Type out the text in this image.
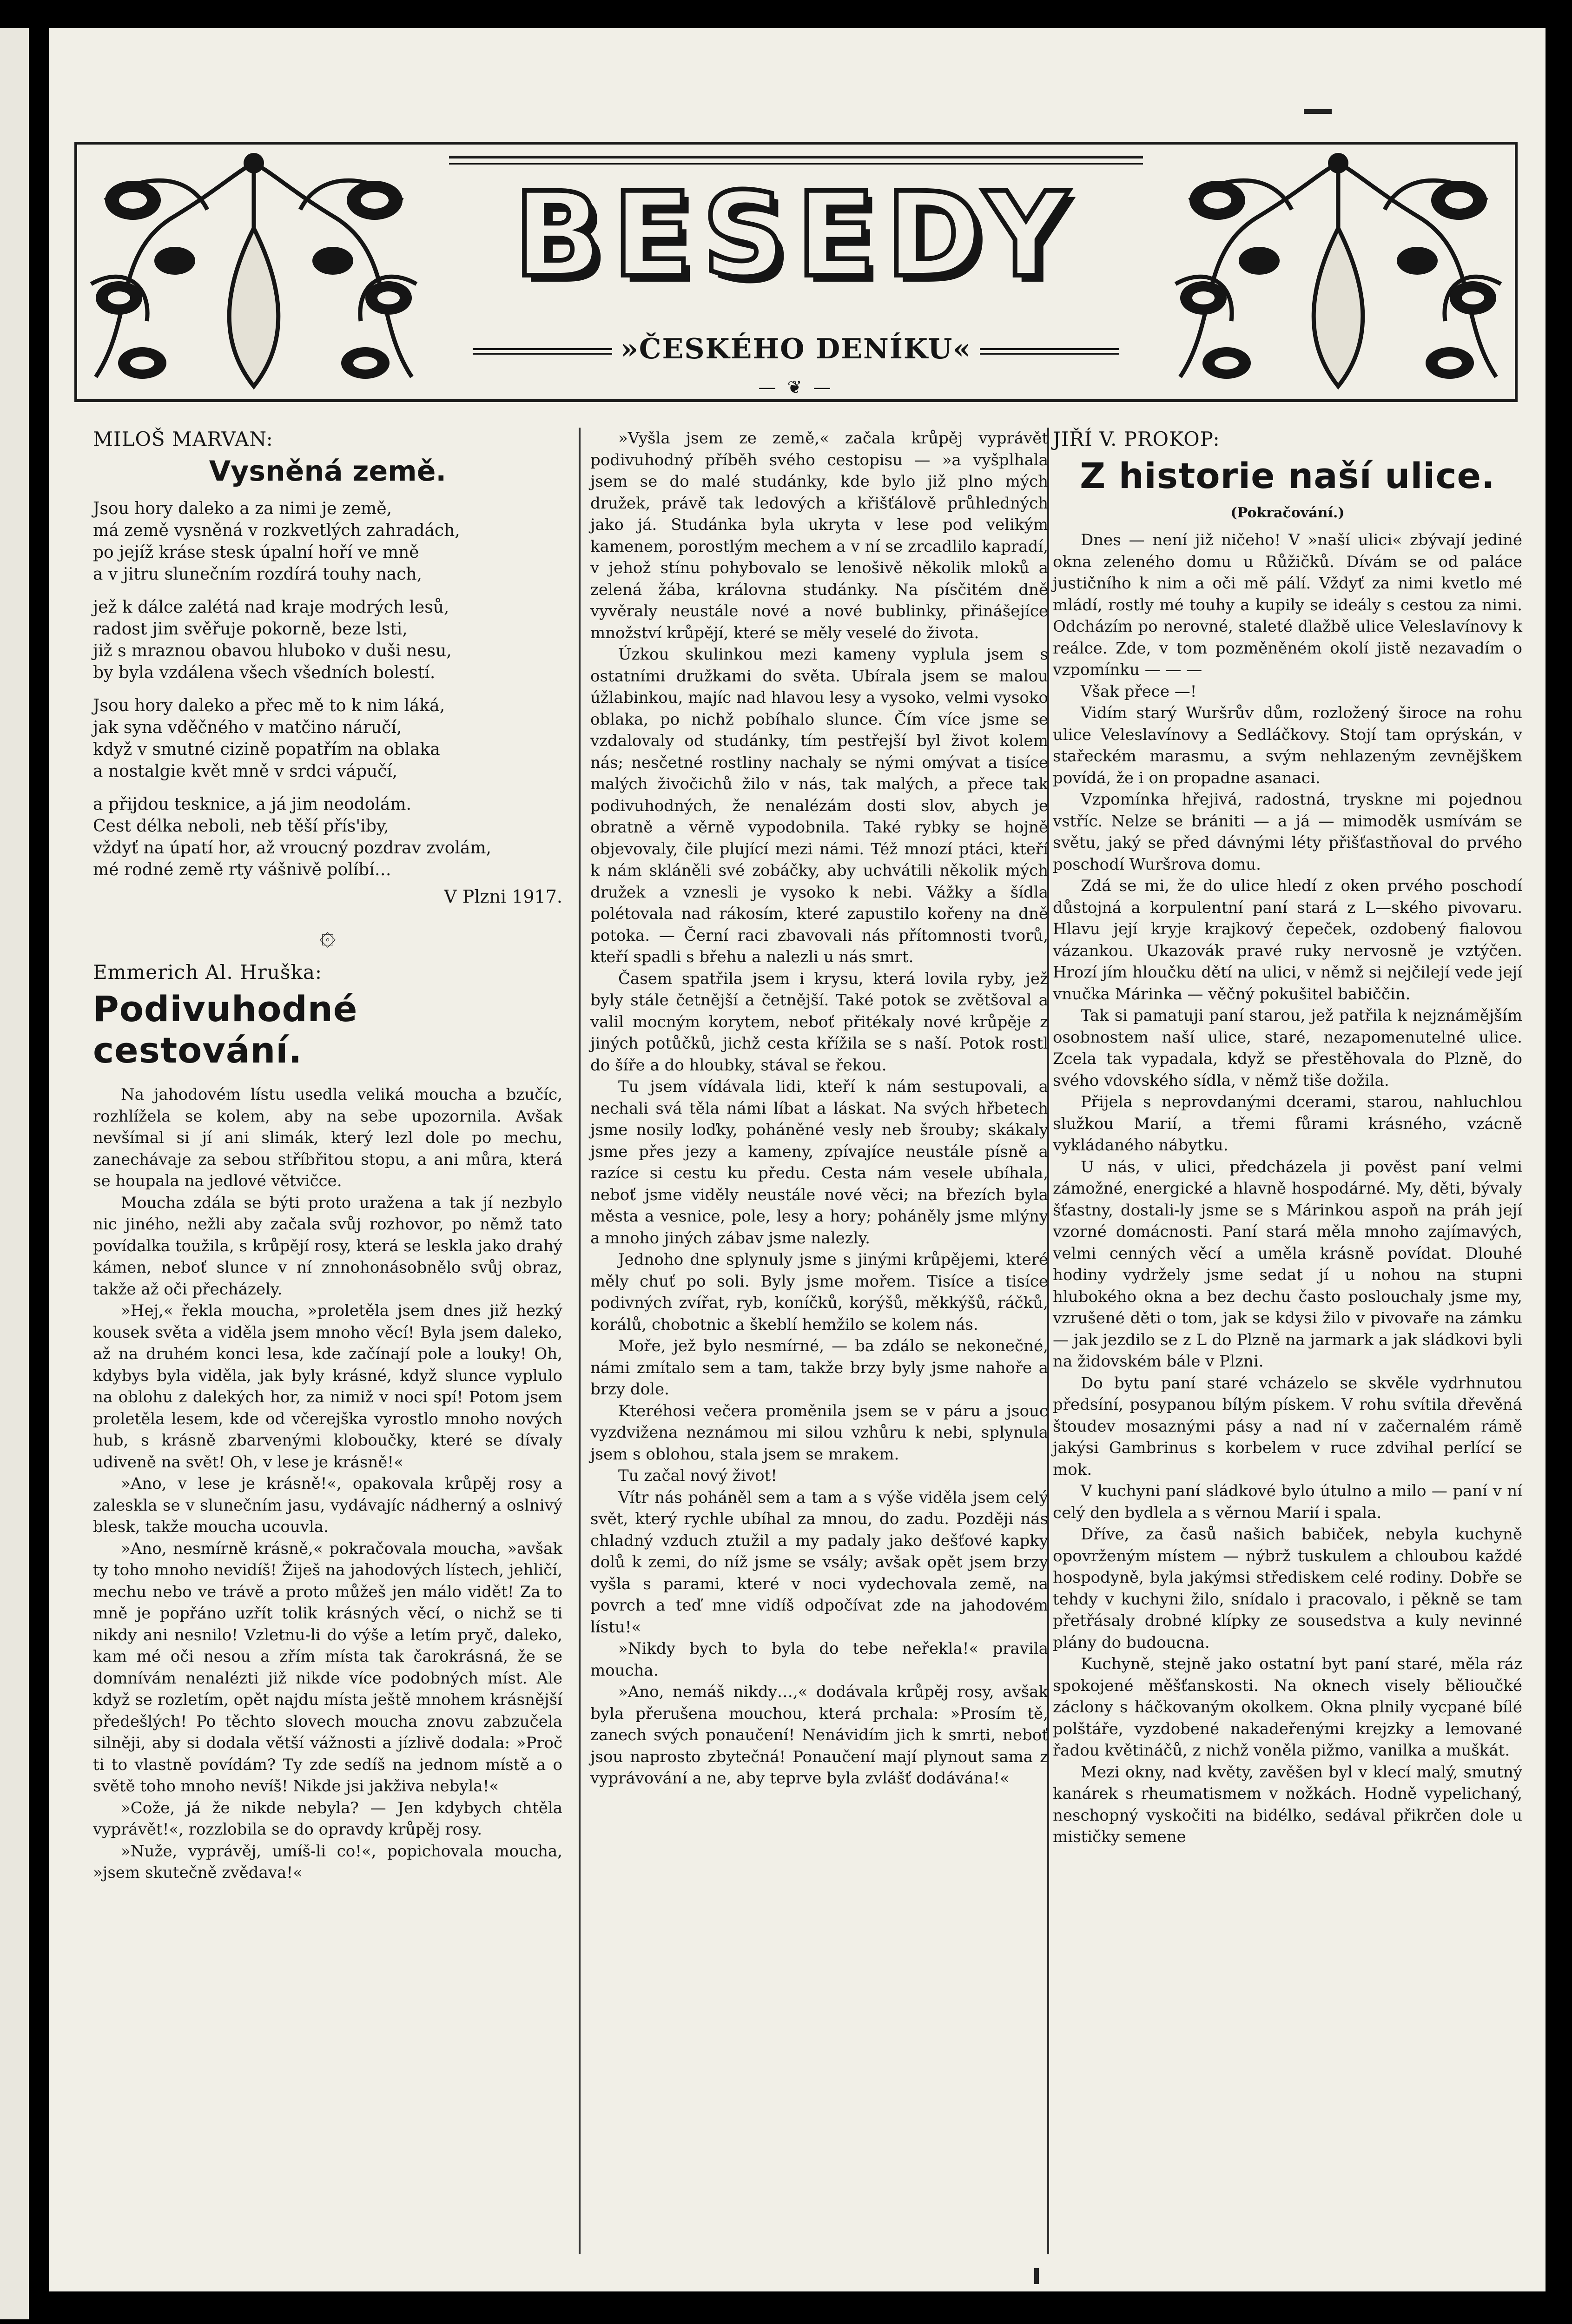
BESEDY
»ČESKÉHO DENÍKU«
— ❦ —
MILOŠ MARVAN:
Vysněná země.
Jsou hory daleko a za nimi je země,
má země vysněná v rozkvetlých zahradách,
po jejíž kráse stesk úpalní hoří ve mně
a v jitru slunečním rozdírá touhy nach,
jež k dálce zalétá nad kraje modrých lesů,
radost jim svěřuje pokorně, beze lsti,
již s mraznou obavou hluboko v duši nesu,
by byla vzdálena všech všedních bolestí.
Jsou hory daleko a přec mě to k nim láká,
jak syna vděčného v matčino náručí,
když v smutné cizině popatřím na oblaka
a nostalgie květ mně v srdci vápučí,
a přijdou tesknice, a já jim neodolám.
Cest délka neboli, neb těší přís'iby,
vždyť na úpatí hor, až vroucný pozdrav zvolám,
mé rodné země rty vášnivě políbí…
V Plzni 1917.
۞
Emmerich Al. Hruška:
Podivuhodné cestování.

Na jahodovém lístu usedla veliká moucha a bzučíc, rozhlížela se kolem, aby na sebe upozornila. Avšak nevšímal si jí ani slimák, který lezl dole po mechu, zanechávaje za sebou stříbřitou stopu, a ani můra, která se houpala na jedlové větvičce.

Moucha zdála se býti proto uražena a tak jí nezbylo nic jiného, nežli aby začala svůj rozhovor, po němž tato povídalka toužila, s krůpějí rosy, která se leskla jako drahý kámen, neboť slunce v ní znnohonásobnělo svůj obraz, takže až oči přecházely.

»Hej,« řekla moucha, »proletěla jsem dnes již hezký kousek světa a viděla jsem mnoho věcí! Byla jsem daleko, až na druhém konci lesa, kde začínají pole a louky! Oh, kdybys byla viděla, jak byly krásné, když slunce vyplulo na oblohu z dalekých hor, za nimiž v noci spí! Potom jsem proletěla lesem, kde od včerejška vyrostlo mnoho nových hub, s krásně zbarvenými kloboučky, které se dívaly udiveně na svět! Oh, v lese je krásně!«

»Ano, v lese je krásně!«, opakovala krůpěj rosy a zaleskla se v slunečním jasu, vydávajíc nádherný a oslnivý blesk, takže moucha ucouvla.

»Ano, nesmírně krásně,« pokračovala moucha, »avšak ty toho mnoho nevidíš! Žiješ na jahodových lístech, jehličí, mechu nebo ve trávě a proto můžeš jen málo vidět! Za to mně je popřáno uzřít tolik krásných věcí, o nichž se ti nikdy ani nesnilo! Vzletnu-li do výše a letím pryč, daleko, kam mé oči nesou a zřím místa tak čarokrásná, že se domnívám nenalézti již nikde více podobných míst. Ale když se rozletím, opět najdu místa ještě mnohem krásnější předešlých! Po těchto slovech moucha znovu zabzučela silněji, aby si dodala větší vážnosti a jízlivě dodala: »Proč ti to vlastně povídám? Ty zde sedíš na jednom místě a o světě toho mnoho nevíš! Nikde jsi jakživa nebyla!«

»Cože, já že nikde nebyla? — Jen kdybych chtěla vyprávět!«, rozzlobila se do opravdy krůpěj rosy.

»Nuže, vyprávěj, umíš-li co!«, popichovala moucha, »jsem skutečně zvědava!«

»Vyšla jsem ze země,« začala krůpěj vyprávět podivuhodný příběh svého cestopisu — »a vyšplhala jsem se do malé studánky, kde bylo již plno mých družek, právě tak ledových a křišťálově průhledných jako já. Studánka byla ukryta v lese pod velikým kamenem, porostlým mechem a v ní se zrcadlilo kapradí, v jehož stínu pohybovalo se lenošivě několik mloků a zelená žába, královna studánky. Na písčitém dně vyvěraly neustále nové a nové bublinky, přinášejíce množství krůpějí, které se měly veselé do života.

Úzkou skulinkou mezi kameny vyplula jsem s ostatními družkami do světa. Ubírala jsem se malou úžlabinkou, majíc nad hlavou lesy a vysoko, velmi vysoko oblaka, po nichž pobíhalo slunce. Čím více jsme se vzdalovaly od studánky, tím pestřejší byl život kolem nás; nesčetné rostliny nachaly se nými omývat a tisíce malých živočichů žilo v nás, tak malých, a přece tak podivuhodných, že nenalézám dosti slov, abych je obratně a věrně vypodobnila. Také rybky se hojně objevovaly, čile plující mezi námi. Též mnozí ptáci, kteří k nám skláněli své zobáčky, aby uchvátili několik mých družek a vznesli je vysoko k nebi. Vážky a šídla polétovala nad rákosím, které zapustilo kořeny na dně potoka. — Černí raci zbavovali nás přítomnosti tvorů, kteří spadli s břehu a nalezli u nás smrt.

Časem spatřila jsem i krysu, která lovila ryby, jež byly stále četnější a četnější. Také potok se zvětšoval a valil mocným korytem, neboť přitékaly nové krůpěje z jiných potůčků, jichž cesta křížila se s naší. Potok rostl do šíře a do hloubky, stával se řekou.

Tu jsem vídávala lidi, kteří k nám sestupovali, a nechali svá těla námi líbat a láskat. Na svých hřbetech jsme nosily loďky, poháněné vesly neb šrouby; skákaly jsme přes jezy a kameny, zpívajíce neustále písně a razíce si cestu ku předu. Cesta nám vesele ubíhala, neboť jsme viděly neustále nové věci; na březích byla města a vesnice, pole, lesy a hory; poháněly jsme mlýny a mnoho jiných zábav jsme nalezly.

Jednoho dne splynuly jsme s jinými krůpějemi, které měly chuť po soli. Byly jsme mořem. Tisíce a tisíce podivných zvířat, ryb, koníčků, korýšů, měkkýšů, ráčků, korálů, chobotnic a škeblí hemžilo se kolem nás.

Moře, jež bylo nesmírné, — ba zdálo se nekonečné, námi zmítalo sem a tam, takže brzy byly jsme nahoře a brzy dole.

Kteréhosi večera proměnila jsem se v páru a jsouc vyzdvižena neznámou mi silou vzhůru k nebi, splynula jsem s oblohou, stala jsem se mrakem.

Tu začal nový život!

Vítr nás poháněl sem a tam a s výše viděla jsem celý svět, který rychle ubíhal za mnou, do zadu. Později nás chladný vzduch ztužil a my padaly jako dešťové kapky dolů k zemi, do níž jsme se vsály; avšak opět jsem brzy vyšla s parami, které v noci vydechovala země, na povrch a teď mne vidíš odpočívat zde na jahodovém lístu!«

»Nikdy bych to byla do tebe neřekla!« pravila moucha.

»Ano, nemáš nikdy…,« dodávala krůpěj rosy, avšak byla přerušena mouchou, která prchala: »Prosím tě, zanech svých ponaučení! Nenávidím jich k smrti, neboť jsou naprosto zbytečná! Ponaučení mají plynout sama z vyprávování a ne, aby teprve byla zvlášť dodávána!«

JIŘÍ V. PROKOP:
Z historie naší ulice.
(Pokračování.)

Dnes — není již ničeho! V »naší ulici« zbývají jediné okna zeleného domu u Růžičků. Dívám se od paláce justičního k nim a oči mě pálí. Vždyť za nimi kvetlo mé mládí, rostly mé touhy a kupily se ideály s cestou za nimi. Odcházím po nerovné, staleté dlažbě ulice Veleslavínovy k reálce. Zde, v tom pozměněném okolí jistě nezavadím o vzpomínku — — —

Však přece —!

Vidím starý Wuršrův dům, rozložený široce na rohu ulice Veleslavínovy a Sedláčkovy. Stojí tam oprýskán, v stařeckém marasmu, a svým nehlazeným zevnějškem povídá, že i on propadne asanaci.

Vzpomínka hřejivá, radostná, tryskne mi pojednou vstříc. Nelze se brániti — a já — mimoděk usmívám se světu, jaký se před dávnými léty přišťastňoval do prvého poschodí Wuršrova domu.

Zdá se mi, že do ulice hledí z oken prvého poschodí důstojná a korpulentní paní stará z L—ského pivovaru. Hlavu její kryje krajkový čepeček, ozdobený fialovou vázankou. Ukazovák pravé ruky nervosně je vztýčen. Hrozí jím hloučku dětí na ulici, v němž si nejčilejí vede její vnučka Márinka — věčný pokušitel babiččin.

Tak si pamatuji paní starou, jež patřila k nejznámějším osobnostem naší ulice, staré, nezapomenutelné ulice. Zcela tak vypadala, když se přestěhovala do Plzně, do svého vdovského sídla, v němž tiše dožila.

Přijela s neprovdanými dcerami, starou, nahluchlou služkou Marií, a třemi fůrami krásného, vzácně vykládaného nábytku.

U nás, v ulici, předcházela ji pověst paní velmi zámožné, energické a hlavně hospodárné. My, děti, bývaly šťastny, dostali-ly jsme se s Márinkou aspoň na práh její vzorné domácnosti. Paní stará měla mnoho zajímavých, velmi cenných věcí a uměla krásně povídat. Dlouhé hodiny vydržely jsme sedat jí u nohou na stupni hlubokého okna a bez dechu často poslouchaly jsme my, vzrušené děti o tom, jak se kdysi žilo v pivovaře na zámku — jak jezdilo se z L do Plzně na jarmark a jak sládkovi byli na židovském bále v Plzni.

Do bytu paní staré vcházelo se skvěle vydrhnutou předsíní, posypanou bílým pískem. V rohu svítila dřevěná štoudev mosaznými pásy a nad ní v začernalém rámě jakýsi Gambrinus s korbelem v ruce zdvihal perlící se mok.

V kuchyni paní sládkové bylo útulno a milo — paní v ní celý den bydlela a s věrnou Marií i spala.

Dříve, za časů našich babiček, nebyla kuchyně opovrženým místem — nýbrž tuskulem a chloubou každé hospodyně, byla jakýmsi střediskem celé rodiny. Dobře se tehdy v kuchyni žilo, snídalo i pracovalo, i pěkně se tam přetřásaly drobné klípky ze sousedstva a kuly nevinné plány do budoucna.

Kuchyně, stejně jako ostatní byt paní staré, měla ráz spokojené měšťanskosti. Na oknech visely bělioučké záclony s háčkovaným okolkem. Okna plnily vycpané bílé polštáře, vyzdobené nakadeřenými krejzky a lemované řadou květináčů, z nichž voněla pižmo, vanilka a muškát.

Mezi okny, nad květy, zavěšen byl v klecí malý, smutný kanárek s rheumatismem v nožkách. Hodně vypelichaný, neschopný vyskočiti na bidélko, sedával přikrčen dole u mističky semene
